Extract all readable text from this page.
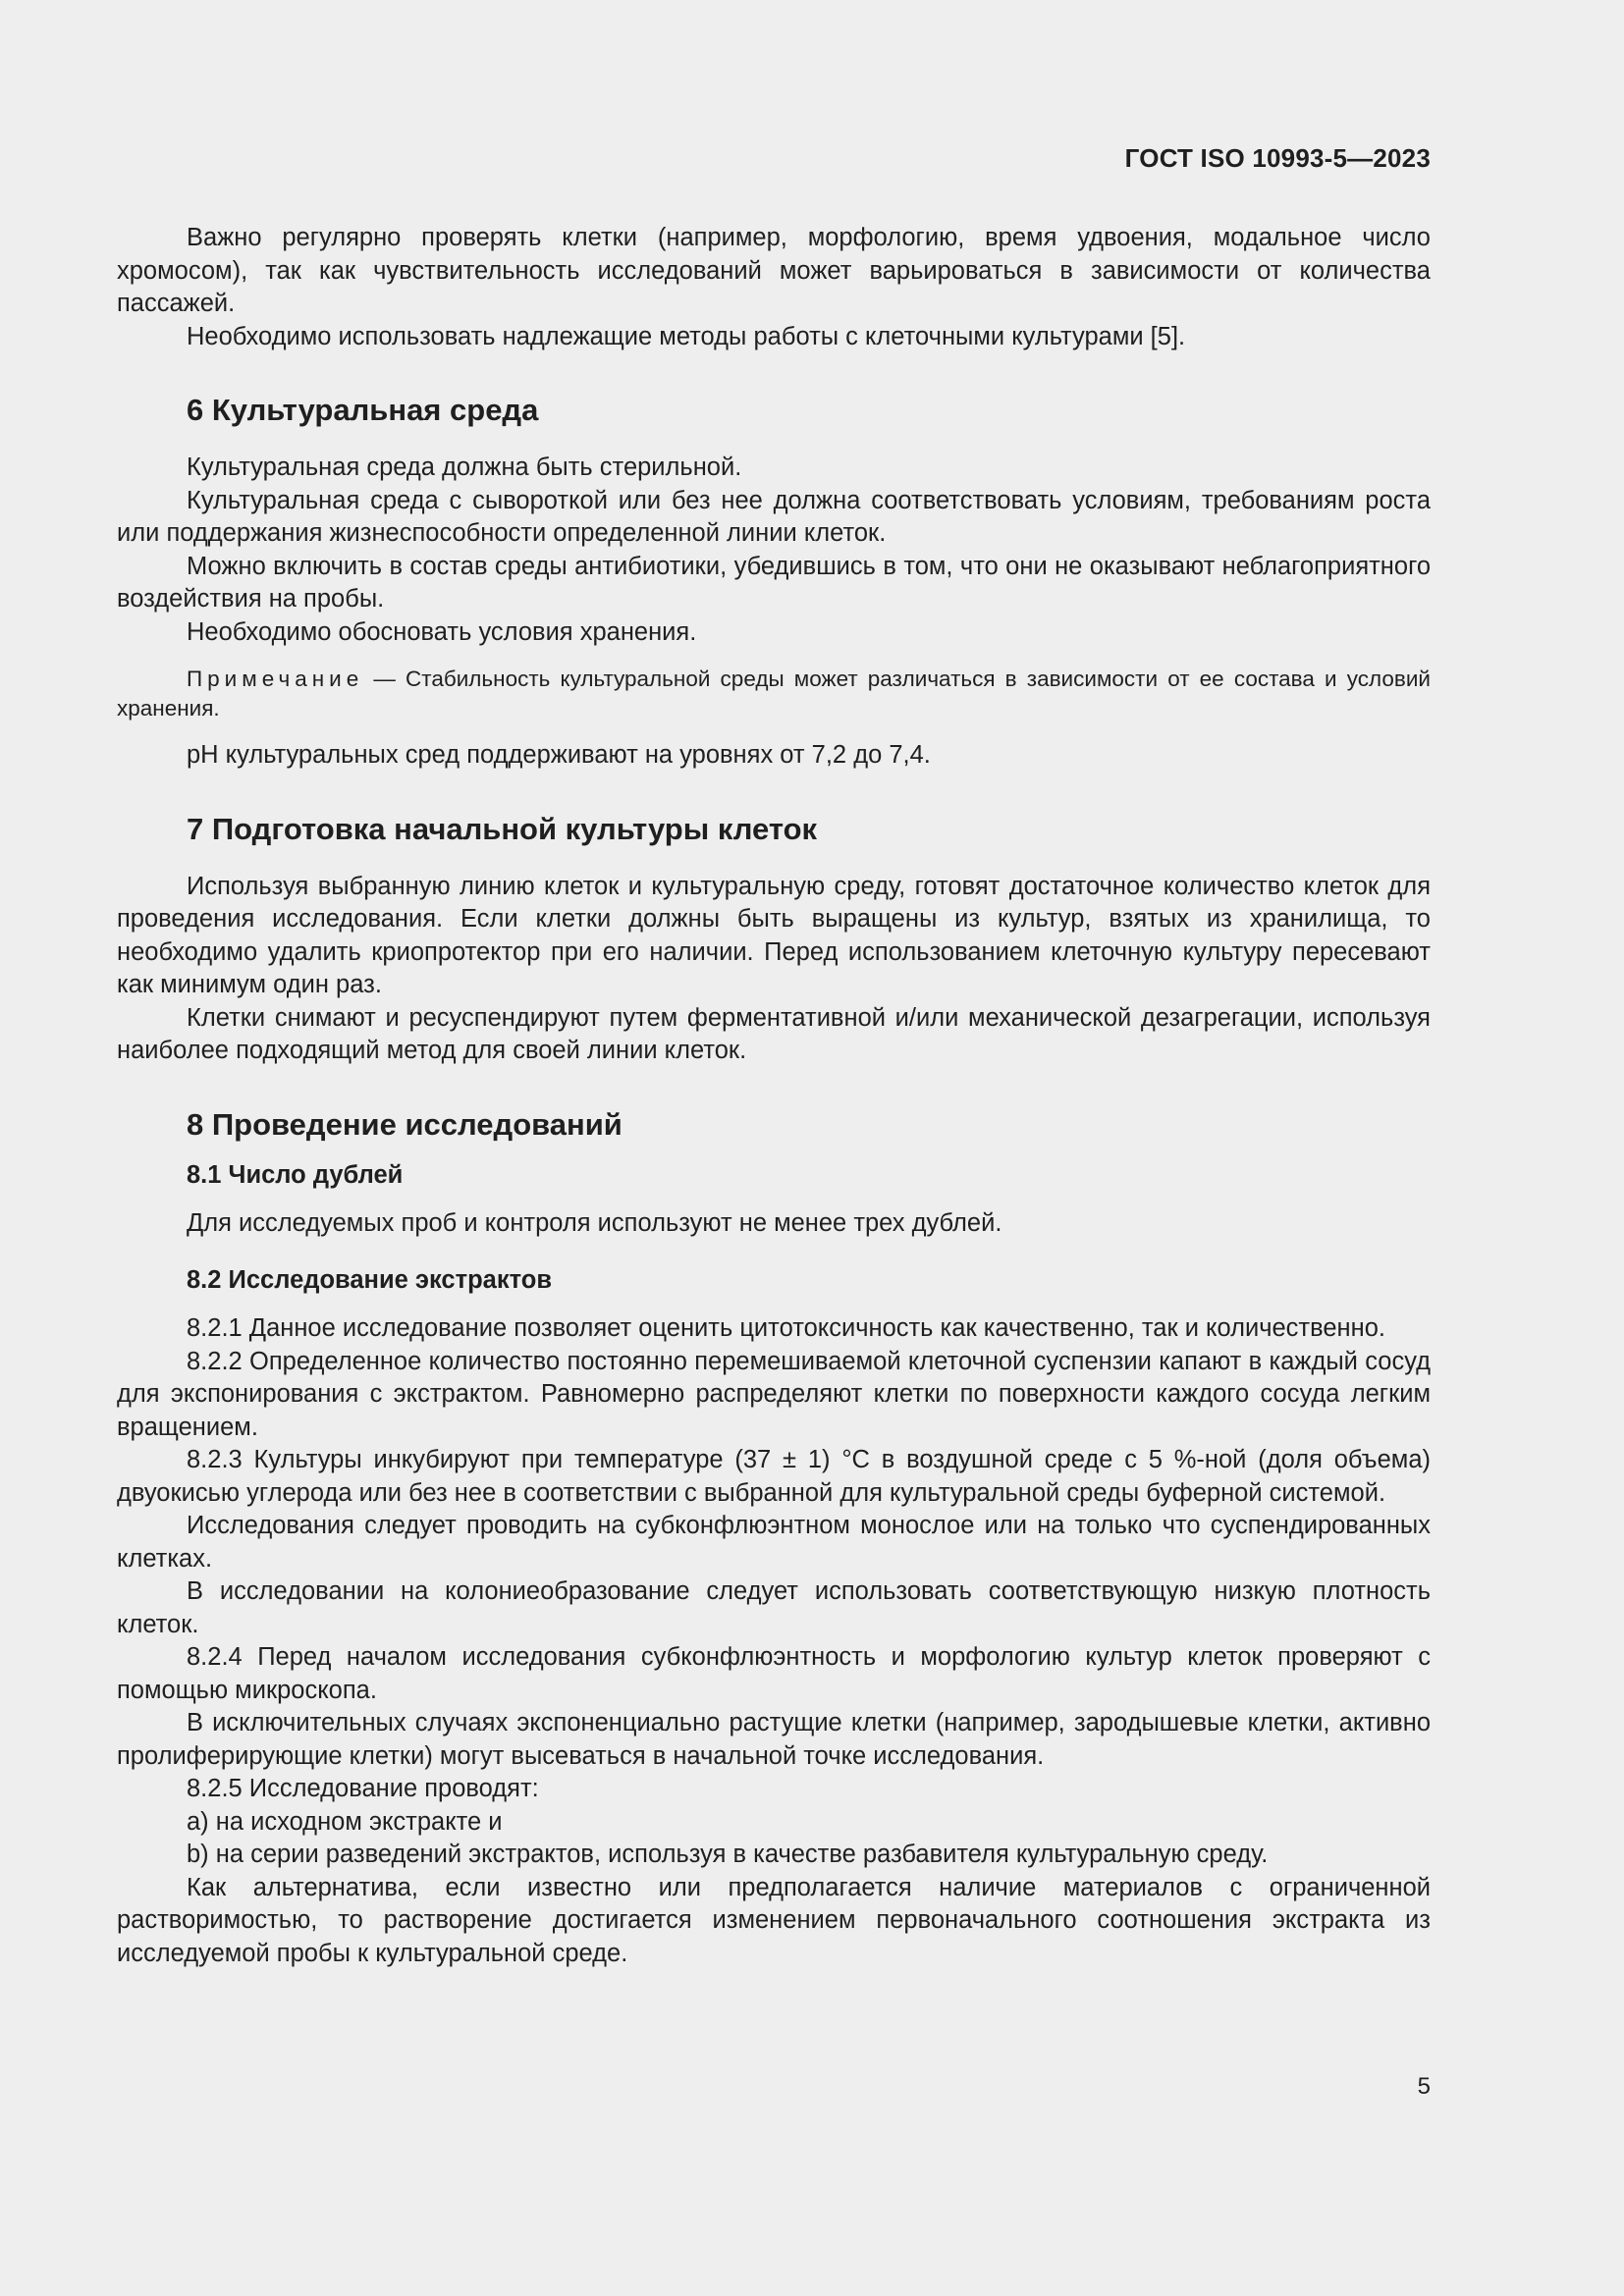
ГОСТ ISO 10993-5—2023

Важно регулярно проверять клетки (например, морфологию, время удвоения, модальное число хромосом), так как чувствительность исследований может варьироваться в зависимости от количества пассажей.

Необходимо использовать надлежащие методы работы с клеточными культурами [5].

6 Культуральная среда

Культуральная среда должна быть стерильной.

Культуральная среда с сывороткой или без нее должна соответствовать условиям, требованиям роста или поддержания жизнеспособности определенной линии клеток.

Можно включить в состав среды антибиотики, убедившись в том, что они не оказывают неблагоприятного воздействия на пробы.

Необходимо обосновать условия хранения.

Примечание — Стабильность культуральной среды может различаться в зависимости от ее состава и условий хранения.

pH культуральных сред поддерживают на уровнях от 7,2 до 7,4.

7 Подготовка начальной культуры клеток

Используя выбранную линию клеток и культуральную среду, готовят достаточное количество клеток для проведения исследования. Если клетки должны быть выращены из культур, взятых из хранилища, то необходимо удалить криопротектор при его наличии. Перед использованием клеточную культуру пересевают как минимум один раз.

Клетки снимают и ресуспендируют путем ферментативной и/или механической дезагрегации, используя наиболее подходящий метод для своей линии клеток.

8 Проведение исследований
8.1 Число дублей

Для исследуемых проб и контроля используют не менее трех дублей.

8.2 Исследование экстрактов

8.2.1 Данное исследование позволяет оценить цитотоксичность как качественно, так и количественно.

8.2.2 Определенное количество постоянно перемешиваемой клеточной суспензии капают в каждый сосуд для экспонирования с экстрактом. Равномерно распределяют клетки по поверхности каждого сосуда легким вращением.

8.2.3 Культуры инкубируют при температуре (37 ± 1) °С в воздушной среде с 5 %-ной (доля объема) двуокисью углерода или без нее в соответствии с выбранной для культуральной среды буферной системой.

Исследования следует проводить на субконфлюэнтном монослое или на только что суспендированных клетках.

В исследовании на колониеобразование следует использовать соответствующую низкую плотность клеток.

8.2.4 Перед началом исследования субконфлюэнтность и морфологию культур клеток проверяют с помощью микроскопа.

В исключительных случаях экспоненциально растущие клетки (например, зародышевые клетки, активно пролиферирующие клетки) могут высеваться в начальной точке исследования.

8.2.5 Исследование проводят:

a) на исходном экстракте и

b) на серии разведений экстрактов, используя в качестве разбавителя культуральную среду.

Как альтернатива, если известно или предполагается наличие материалов с ограниченной растворимостью, то растворение достигается изменением первоначального соотношения экстракта из исследуемой пробы к культуральной среде.

5
